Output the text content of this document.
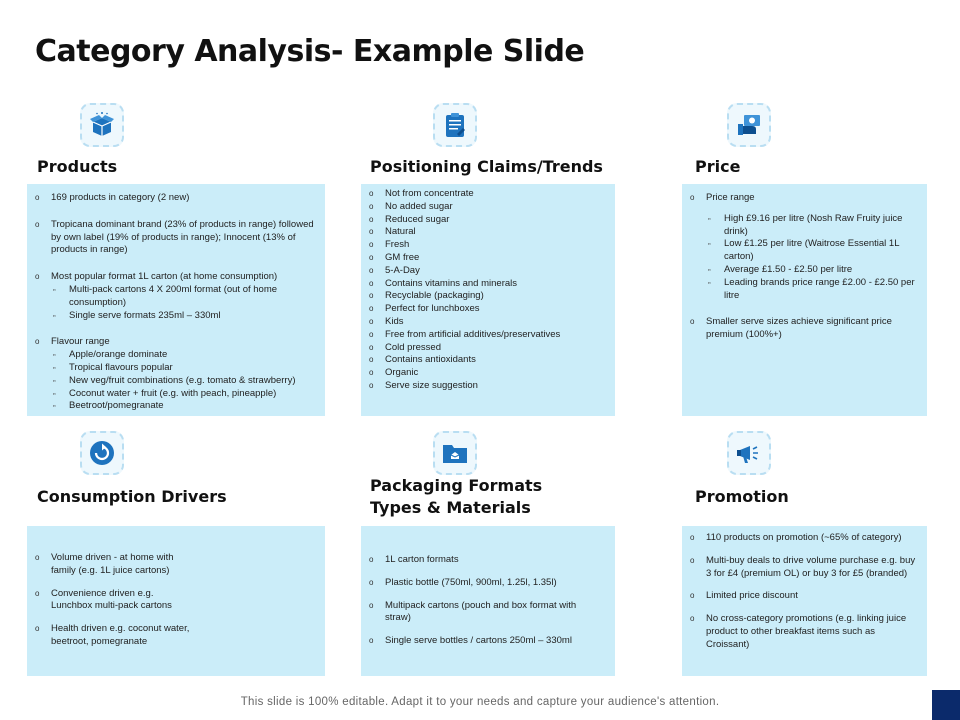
Category Analysis- Example Slide
Products
o 169 products in category (2 new)
o Tropicana dominant brand (23% of products in range) followed by own label (19% of products in range); Innocent (13% of products in range)
o Most popular format 1L carton (at home consumption)
„ Multi-pack cartons 4 X 200ml format (out of home consumption)
„ Single serve formats 235ml – 330ml
o Flavour range
„ Apple/orange dominate
„ Tropical flavours popular
„ New veg/fruit combinations (e.g. tomato & strawberry)
„ Coconut water + fruit (e.g. with peach, pineapple)
„ Beetroot/pomegranate
Positioning Claims/Trends
o Not from concentrate
o No added sugar
o Reduced sugar
o Natural
o Fresh
o GM free
o 5-A-Day
o Contains vitamins and minerals
o Recyclable (packaging)
o Perfect for lunchboxes
o Kids
o Free from artificial additives/preservatives
o Cold pressed
o Contains antioxidants
o Organic
o Serve size suggestion
Price
o Price range
„ High £9.16 per litre (Nosh Raw Fruity juice drink)
„ Low £1.25 per litre (Waitrose Essential 1L carton)
„ Average £1.50 - £2.50 per litre
„ Leading brands price range £2.00 - £2.50 per litre
o Smaller serve sizes achieve significant price premium (100%+)
Consumption Drivers
o Volume driven - at home with family (e.g. 1L juice cartons)
o Convenience driven e.g. Lunchbox multi-pack cartons
o Health driven e.g. coconut water, beetroot, pomegranate
Packaging Formats
Types & Materials
o 1L carton formats
o Plastic bottle (750ml, 900ml, 1.25l, 1.35l)
o Multipack cartons (pouch and box format with straw)
o Single serve bottles / cartons 250ml – 330ml
Promotion
o 110 products on promotion (~65% of category)
o Multi-buy deals to drive volume purchase e.g. buy 3 for £4 (premium OL) or buy 3 for £5 (branded)
o Limited price discount
o No cross-category promotions (e.g. linking juice product to other breakfast items such as Croissant)
This slide is 100% editable. Adapt it to your needs and capture your audience's attention.
